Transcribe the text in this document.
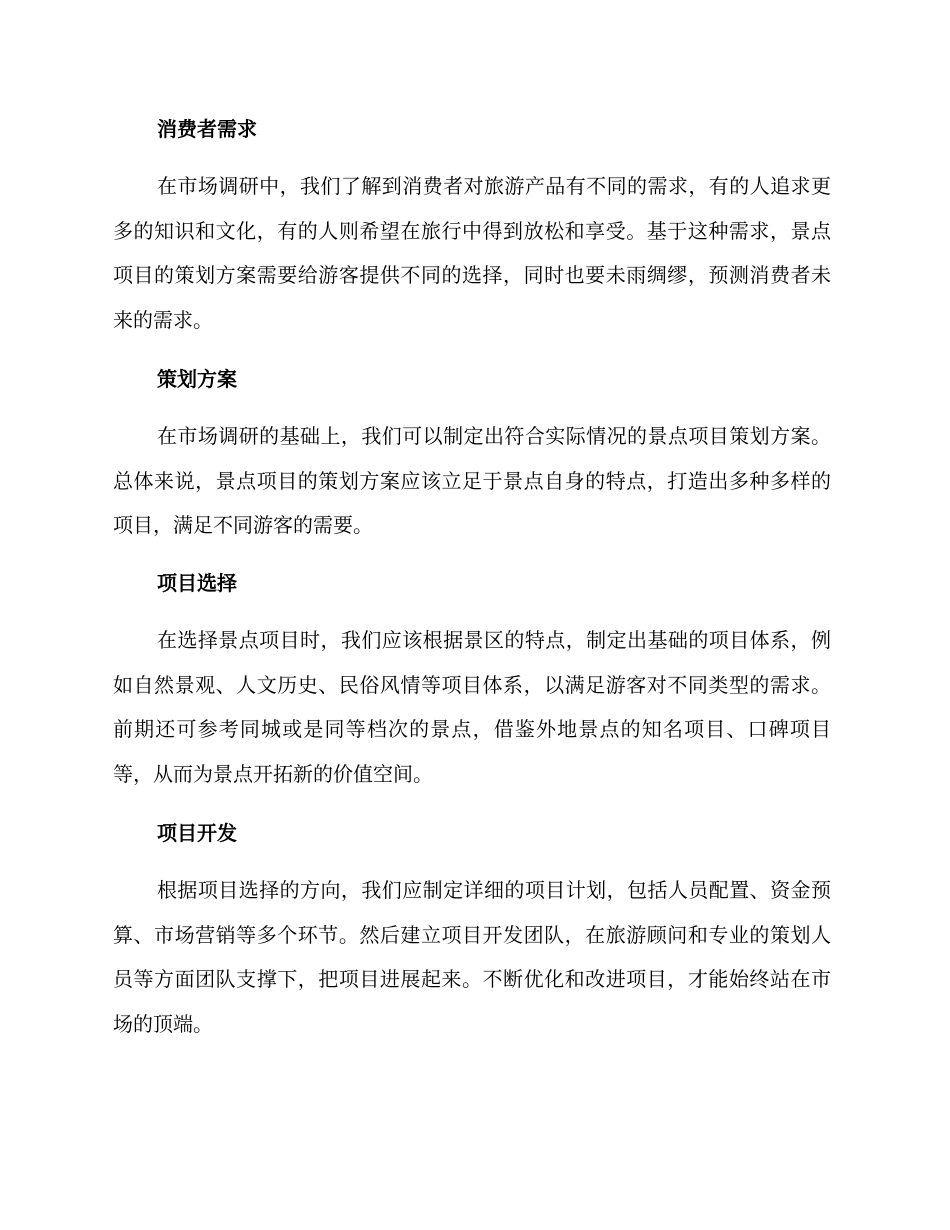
消费者需求

在市场调研中，我们了解到消费者对旅游产品有不同的需求，有的人追求更多的知识和文化，有的人则希望在旅行中得到放松和享受。基于这种需求，景点项目的策划方案需要给游客提供不同的选择，同时也要未雨绸缪，预测消费者未来的需求。

策划方案

在市场调研的基础上，我们可以制定出符合实际情况的景点项目策划方案。总体来说，景点项目的策划方案应该立足于景点自身的特点，打造出多种多样的项目，满足不同游客的需要。

项目选择

在选择景点项目时，我们应该根据景区的特点，制定出基础的项目体系，例如自然景观、人文历史、民俗风情等项目体系，以满足游客对不同类型的需求。前期还可参考同城或是同等档次的景点，借鉴外地景点的知名项目、口碑项目等，从而为景点开拓新的价值空间。

项目开发

根据项目选择的方向，我们应制定详细的项目计划，包括人员配置、资金预算、市场营销等多个环节。然后建立项目开发团队，在旅游顾问和专业的策划人员等方面团队支撑下，把项目进展起来。不断优化和改进项目，才能始终站在市场的顶端。
